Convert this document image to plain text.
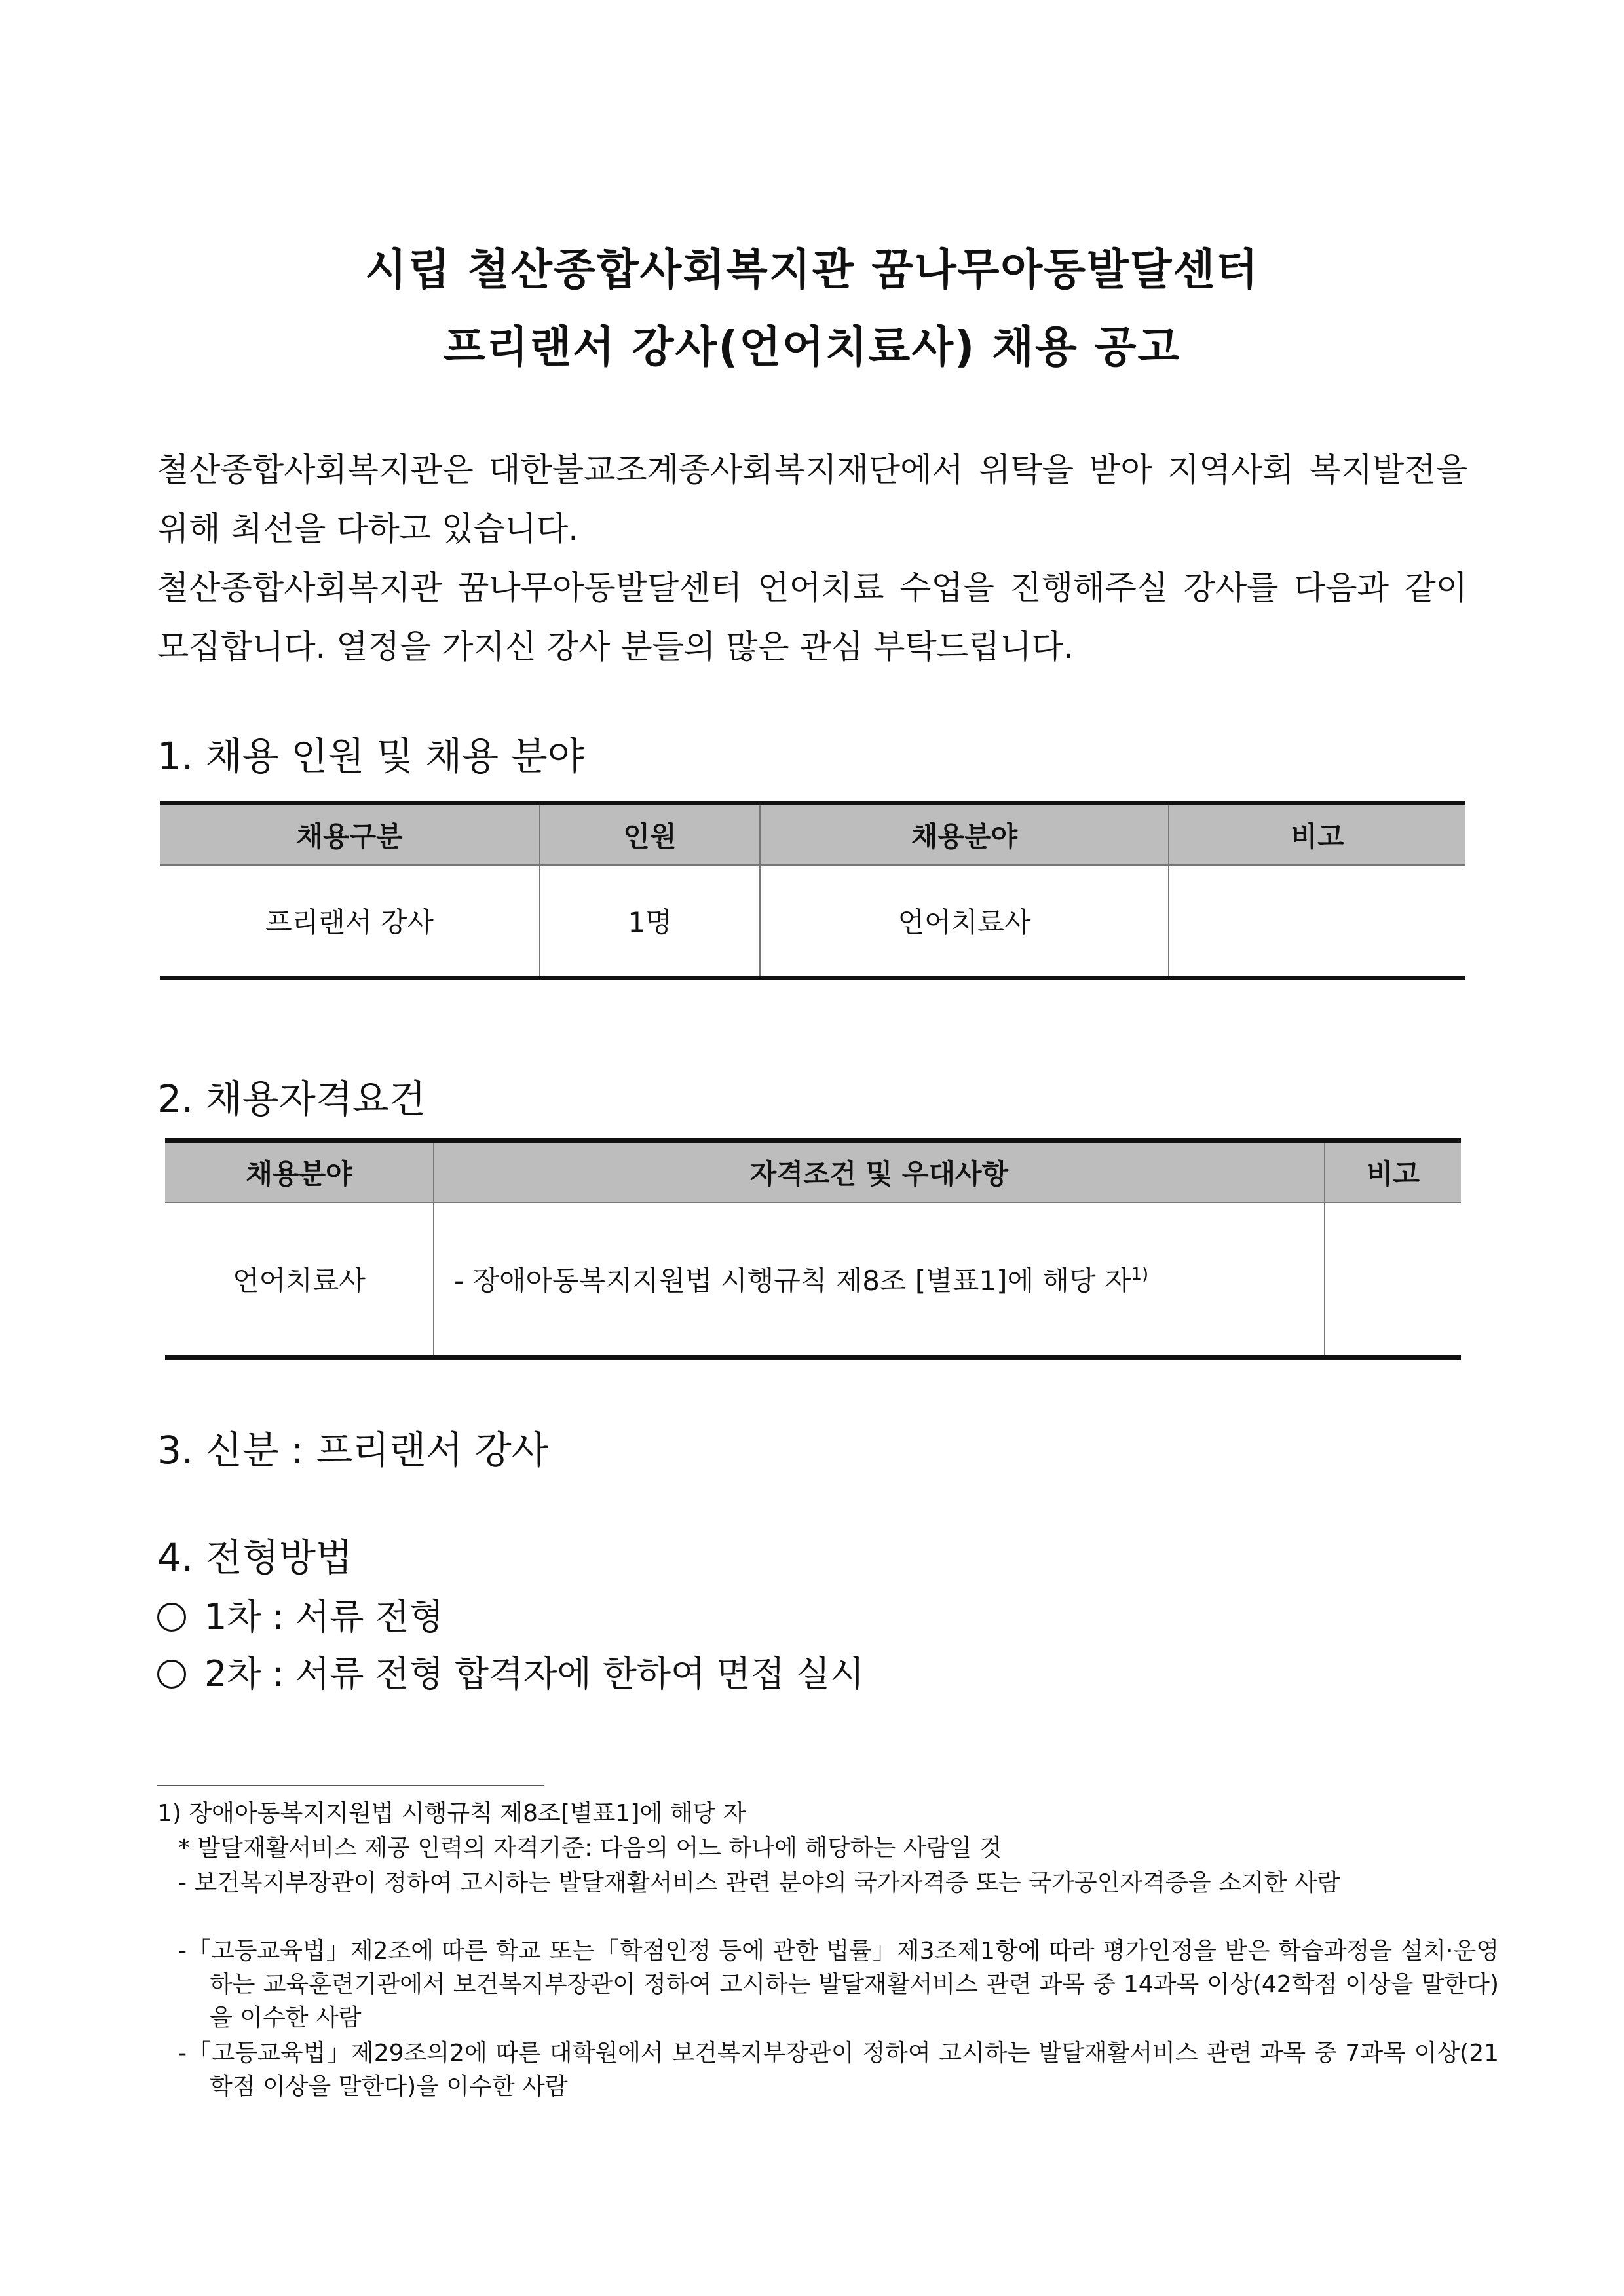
시립 철산종합사회복지관 꿈나무아동발달센터
프리랜서 강사(언어치료사) 채용 공고

철산종합사회복지관은 대한불교조계종사회복지재단에서 위탁을 받아 지역사회 복지발전을 위해 최선을 다하고 있습니다.

철산종합사회복지관 꿈나무아동발달센터 언어치료 수업을 진행해주실 강사를 다음과 같이 모집합니다. 열정을 가지신 강사 분들의 많은 관심 부탁드립니다.

1. 채용 인원 및 채용 분야
채용구분	인원	채용분야	비고
프리랜서 강사	1명	언어치료사	
2. 채용자격요건
채용분야	자격조건 및 우대사항	비고
언어치료사	- 장애아동복지지원법 시행규칙 제8조 [별표1]에 해당 자$^{1)}$	
3. 신분 : 프리랜서 강사
4. 전형방법

1차 : 서류 전형

2차 : 서류 전형 합격자에 한하여 면접 실시

1) 장애아동복지지원법 시행규칙 제8조[별표1]에 해당 자
* 발달재활서비스 제공 인력의 자격기준: 다음의 어느 하나에 해당하는 사람일 것
- 보건복지부장관이 정하여 고시하는 발달재활서비스 관련 분야의 국가자격증 또는 국가공인자격증을 소지한 사람
-「고등교육법」제2조에 따른 학교 또는「학점인정 등에 관한 법률」제3조제1항에 따라 평가인정을 받은 학습과정을 설치·운영하는 교육훈련기관에서 보건복지부장관이 정하여 고시하는 발달재활서비스 관련 과목 중 14과목 이상(42학점 이상을 말한다)을 이수한 사람
-「고등교육법」제29조의2에 따른 대학원에서 보건복지부장관이 정하여 고시하는 발달재활서비스 관련 과목 중 7과목 이상(21학점 이상을 말한다)을 이수한 사람
